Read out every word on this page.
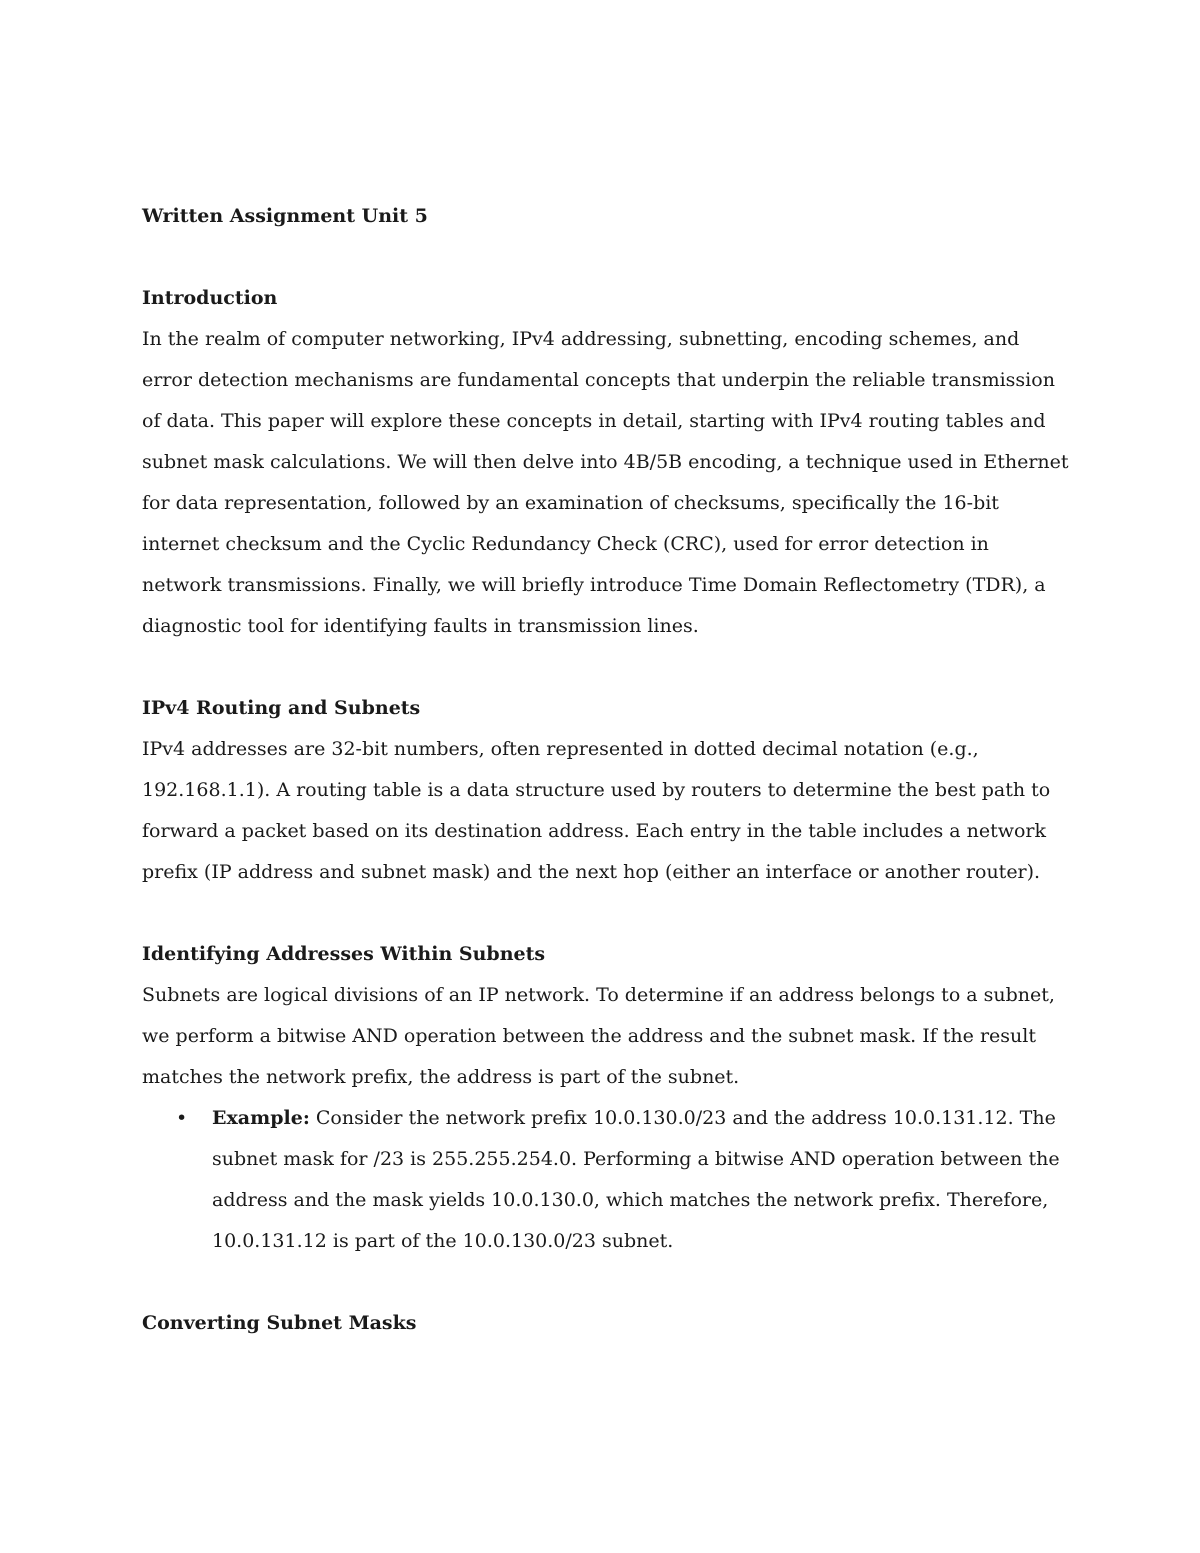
Written Assignment Unit 5

Introduction

In the realm of computer networking, IPv4 addressing, subnetting, encoding schemes, and error detection mechanisms are fundamental concepts that underpin the reliable transmission of data. This paper will explore these concepts in detail, starting with IPv4 routing tables and subnet mask calculations. We will then delve into 4B/5B encoding, a technique used in Ethernet for data representation, followed by an examination of checksums, specifically the 16-bit internet checksum and the Cyclic Redundancy Check (CRC), used for error detection in network transmissions. Finally, we will briefly introduce Time Domain Reflectometry (TDR), a diagnostic tool for identifying faults in transmission lines.

IPv4 Routing and Subnets

IPv4 addresses are 32-bit numbers, often represented in dotted decimal notation (e.g., 192.168.1.1). A routing table is a data structure used by routers to determine the best path to forward a packet based on its destination address. Each entry in the table includes a network prefix (IP address and subnet mask) and the next hop (either an interface or another router).

Identifying Addresses Within Subnets

Subnets are logical divisions of an IP network. To determine if an address belongs to a subnet, we perform a bitwise AND operation between the address and the subnet mask. If the result matches the network prefix, the address is part of the subnet.

• Example: Consider the network prefix 10.0.130.0/23 and the address 10.0.131.12. The subnet mask for /23 is 255.255.254.0. Performing a bitwise AND operation between the address and the mask yields 10.0.130.0, which matches the network prefix. Therefore, 10.0.131.12 is part of the 10.0.130.0/23 subnet.

Converting Subnet Masks
